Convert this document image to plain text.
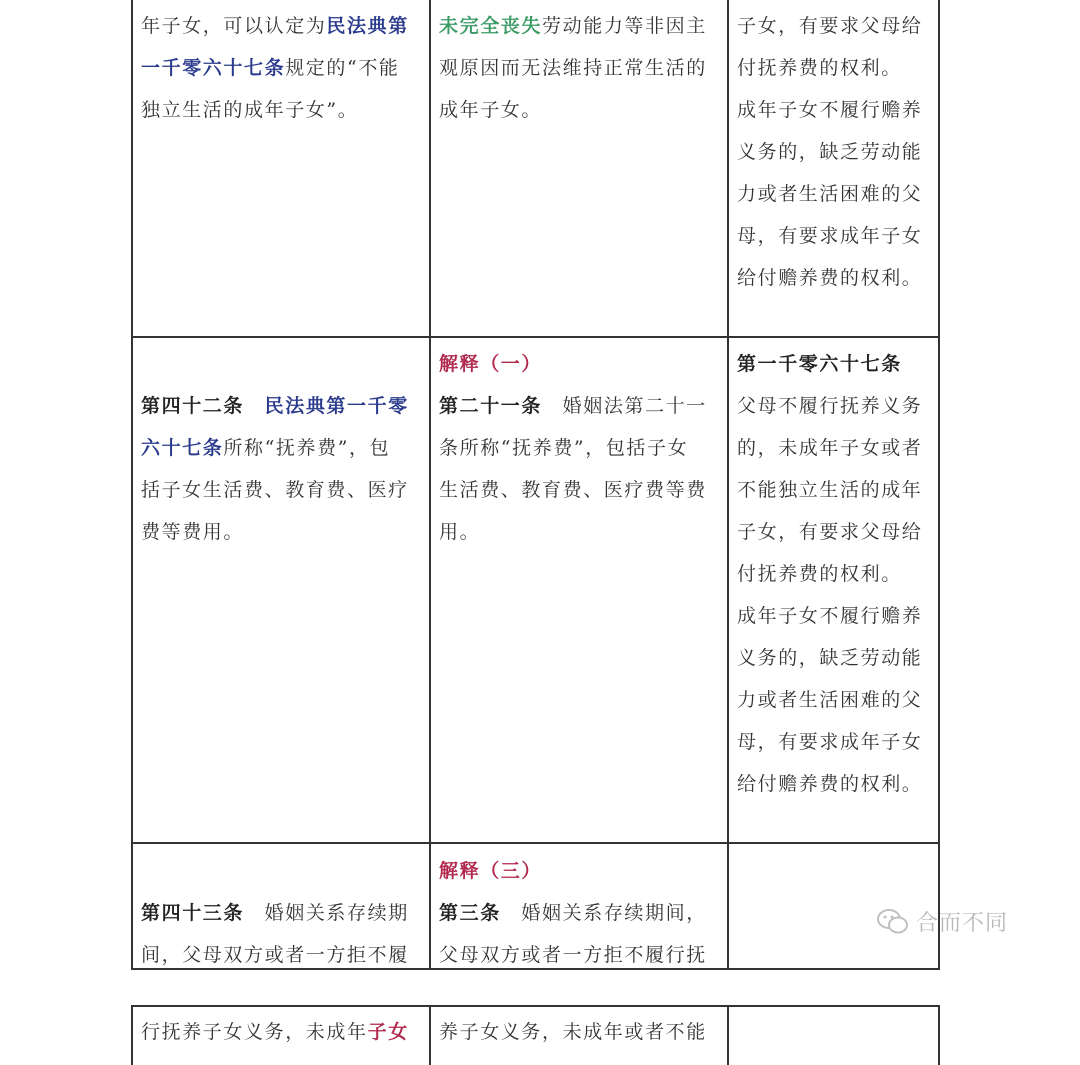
年子女，可以认定为民法典第
一千零六十七条规定的“不能
独立生活的成年子女”。
未完全丧失劳动能力等非因主
观原因而无法维持正常生活的
成年子女。
子女，有要求父母给
付抚养费的权利。
成年子女不履行赡养
义务的，缺乏劳动能
力或者生活困难的父
母，有要求成年子女
给付赡养费的权利。
第四十二条　 民法典第一千零
六十七条所称“抚养费”，包
括子女生活费、教育费、医疗
费等费用。
解释（一）
第二十一条　婚姻法第二十一
条所称“抚养费”，包括子女
生活费、教育费、医疗费等费
用。
第一千零六十七条
父母不履行抚养义务
的，未成年子女或者
不能独立生活的成年
子女，有要求父母给
付抚养费的权利。
成年子女不履行赡养
义务的，缺乏劳动能
力或者生活困难的父
母，有要求成年子女
给付赡养费的权利。
第四十三条　婚姻关系存续期
间，父母双方或者一方拒不履
解释（三）
第三条　婚姻关系存续期间，
父母双方或者一方拒不履行抚
行抚养子女义务，未成年子女	养子女义务，未成年或者不能
合而不同
